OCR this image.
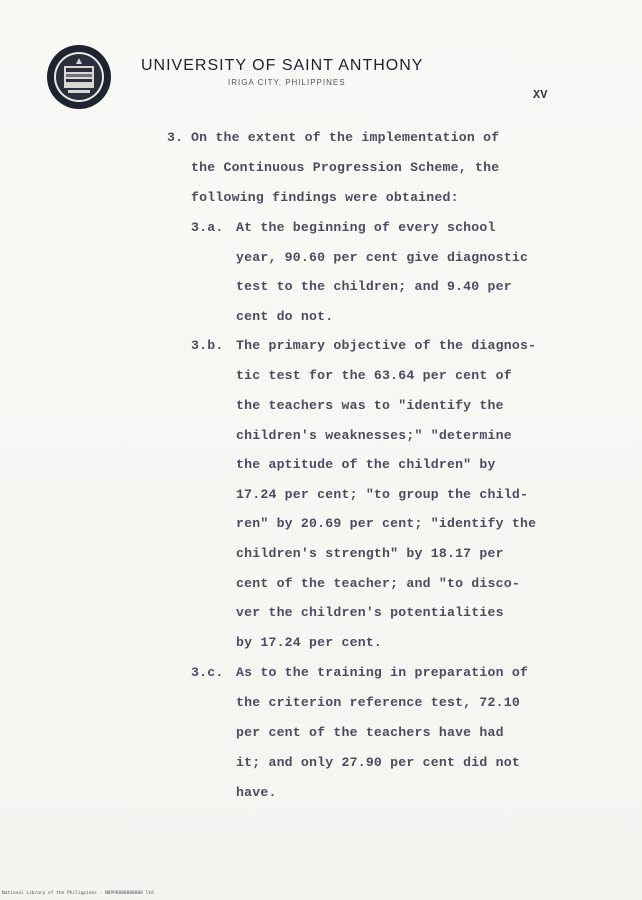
UNIVERSITY OF SAINT ANTHONY
IRIGA CITY, PHILIPPINES
XV
3. On the extent of the implementation of
the Continuous Progression Scheme, the
following findings were obtained:
3.a. At the beginning of every school
year, 90.60 per cent give diagnostic
test to the children; and 9.40 per
cent do not.
3.b. The primary objective of the diagnos-
tic test for the 63.64 per cent of
the teachers was to "identify the
children's weaknesses;" "determine
the aptitude of the children" by
17.24 per cent; "to group the child-
ren" by 20.69 per cent; "identify the
children's strength" by 18.17 per
cent of the teacher; and "to disco-
ver the children's potentialities
by 17.24 per cent.
3.c. As to the training in preparation of
the criterion reference test, 72.10
per cent of the teachers have had
it; and only 27.90 per cent did not
have.
National Library of the Philippines - NDPP0000000000 ltd
